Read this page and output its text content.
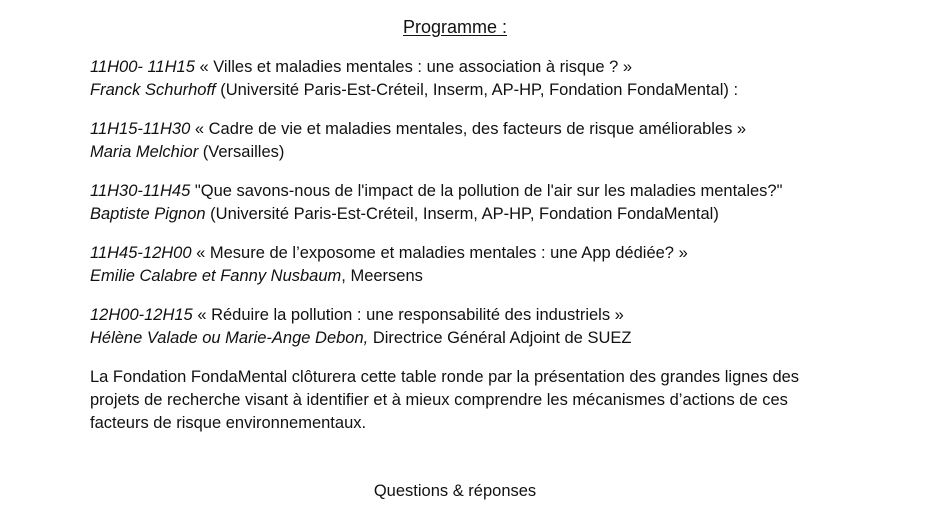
Programme :
11H00- 11H15 « Villes et maladies mentales : une association à risque ? »
Franck Schurhoff (Université Paris-Est-Créteil, Inserm, AP-HP, Fondation FondaMental) :
11H15-11H30 « Cadre de vie et maladies mentales, des facteurs de risque améliorables »
Maria Melchior (Versailles)
11H30-11H45 "Que savons-nous de l'impact de la pollution de l'air sur les maladies mentales?"
Baptiste Pignon (Université Paris-Est-Créteil, Inserm, AP-HP, Fondation FondaMental)
11H45-12H00 « Mesure de l’exposome et maladies mentales : une App dédiée? »
Emilie Calabre et Fanny Nusbaum, Meersens
12H00-12H15 « Réduire la pollution : une responsabilité des industriels »
Hélène Valade ou Marie-Ange Debon, Directrice Général Adjoint de SUEZ
La Fondation FondaMental clôturera cette table ronde par la présentation des grandes lignes des projets de recherche visant à identifier et à mieux comprendre les mécanismes d’actions de ces facteurs de risque environnementaux.
Questions & réponses
